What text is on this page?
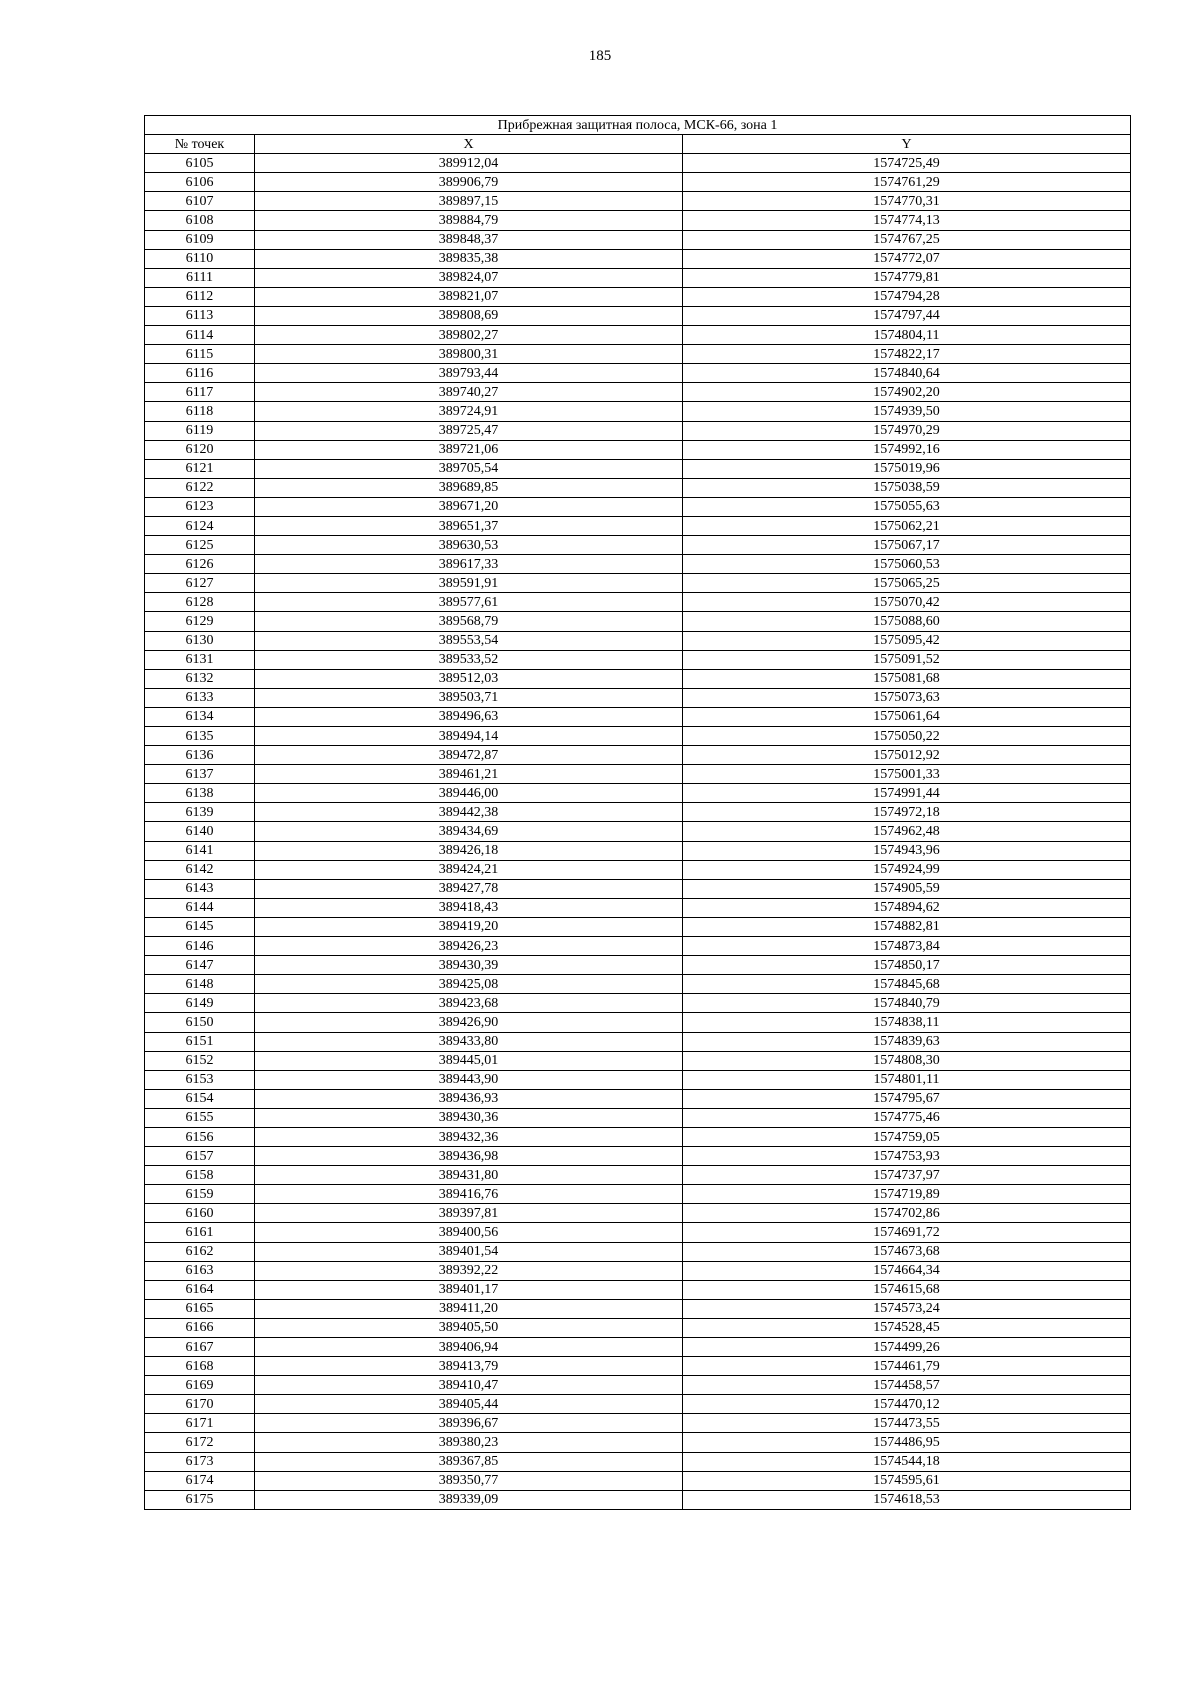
185
Прибрежная защитная полоса, МСК-66, зона 1		
№ точек	X	Y
6105	389912,04	1574725,49
6106	389906,79	1574761,29
6107	389897,15	1574770,31
6108	389884,79	1574774,13
6109	389848,37	1574767,25
6110	389835,38	1574772,07
6111	389824,07	1574779,81
6112	389821,07	1574794,28
6113	389808,69	1574797,44
6114	389802,27	1574804,11
6115	389800,31	1574822,17
6116	389793,44	1574840,64
6117	389740,27	1574902,20
6118	389724,91	1574939,50
6119	389725,47	1574970,29
6120	389721,06	1574992,16
6121	389705,54	1575019,96
6122	389689,85	1575038,59
6123	389671,20	1575055,63
6124	389651,37	1575062,21
6125	389630,53	1575067,17
6126	389617,33	1575060,53
6127	389591,91	1575065,25
6128	389577,61	1575070,42
6129	389568,79	1575088,60
6130	389553,54	1575095,42
6131	389533,52	1575091,52
6132	389512,03	1575081,68
6133	389503,71	1575073,63
6134	389496,63	1575061,64
6135	389494,14	1575050,22
6136	389472,87	1575012,92
6137	389461,21	1575001,33
6138	389446,00	1574991,44
6139	389442,38	1574972,18
6140	389434,69	1574962,48
6141	389426,18	1574943,96
6142	389424,21	1574924,99
6143	389427,78	1574905,59
6144	389418,43	1574894,62
6145	389419,20	1574882,81
6146	389426,23	1574873,84
6147	389430,39	1574850,17
6148	389425,08	1574845,68
6149	389423,68	1574840,79
6150	389426,90	1574838,11
6151	389433,80	1574839,63
6152	389445,01	1574808,30
6153	389443,90	1574801,11
6154	389436,93	1574795,67
6155	389430,36	1574775,46
6156	389432,36	1574759,05
6157	389436,98	1574753,93
6158	389431,80	1574737,97
6159	389416,76	1574719,89
6160	389397,81	1574702,86
6161	389400,56	1574691,72
6162	389401,54	1574673,68
6163	389392,22	1574664,34
6164	389401,17	1574615,68
6165	389411,20	1574573,24
6166	389405,50	1574528,45
6167	389406,94	1574499,26
6168	389413,79	1574461,79
6169	389410,47	1574458,57
6170	389405,44	1574470,12
6171	389396,67	1574473,55
6172	389380,23	1574486,95
6173	389367,85	1574544,18
6174	389350,77	1574595,61
6175	389339,09	1574618,53
